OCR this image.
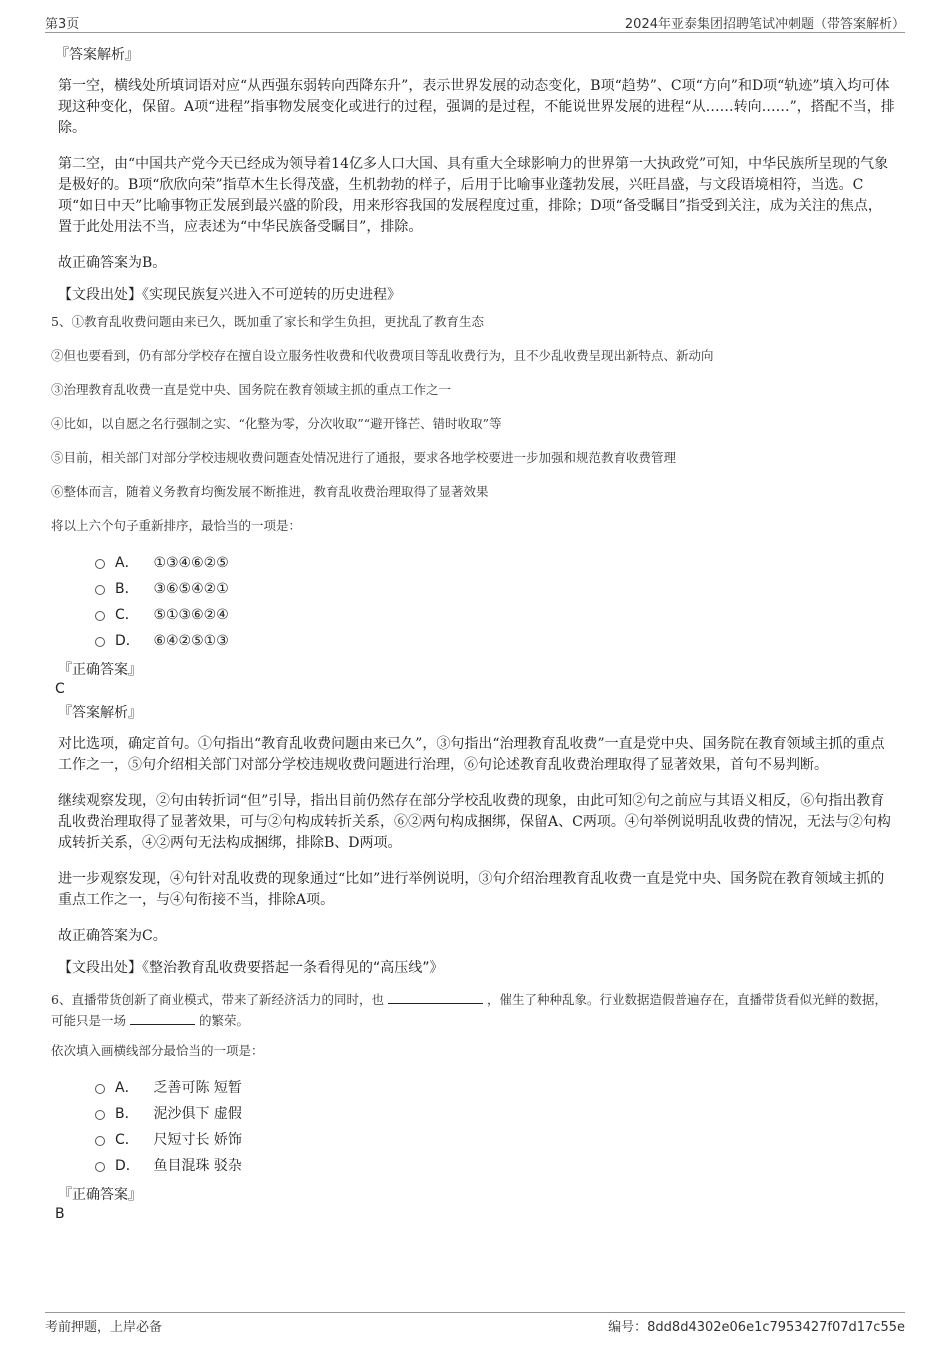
第3页	2024年亚泰集团招聘笔试冲刺题（带答案解析）
『答案解析』

第一空，横线处所填词语对应“从西强东弱转向西降东升”，表示世界发展的动态变化，B项“趋势”、C项“方向”和D项“轨迹”填入均可体现这种变化，保留。A项“进程”指事物发展变化或进行的过程，强调的是过程，不能说世界发展的进程“从……转向……”，搭配不当，排除。

第二空，由“中国共产党今天已经成为领导着14亿多人口大国、具有重大全球影响力的世界第一大执政党”可知，中华民族所呈现的气象是极好的。B项“欣欣向荣”指草木生长得茂盛，生机勃勃的样子，后用于比喻事业蓬勃发展，兴旺昌盛，与文段语境相符，当选。C项“如日中天”比喻事物正发展到最兴盛的阶段，用来形容我国的发展程度过重，排除；D项“备受瞩目”指受到关注，成为关注的焦点，置于此处用法不当，应表述为“中华民族备受瞩目”，排除。

故正确答案为B。

【文段出处】《实现民族复兴进入不可逆转的历史进程》
5、①教育乱收费问题由来已久，既加重了家长和学生负担，更扰乱了教育生态
②但也要看到，仍有部分学校存在擅自设立服务性收费和代收费项目等乱收费行为，且不少乱收费呈现出新特点、新动向
③治理教育乱收费一直是党中央、国务院在教育领域主抓的重点工作之一
④比如，以自愿之名行强制之实、“化整为零，分次收取”“避开锋芒、错时收取”等
⑤目前，相关部门对部分学校违规收费问题查处情况进行了通报，要求各地学校要进一步加强和规范教育收费管理
⑥整体而言，随着义务教育均衡发展不断推进，教育乱收费治理取得了显著效果
将以上六个句子重新排序，最恰当的一项是：
A． ①③④⑥②⑤
B． ③⑥⑤④②①
C． ⑤①③⑥②④
D． ⑥④②⑤①③
『正确答案』
C
『答案解析』

对比选项，确定首句。①句指出“教育乱收费问题由来已久”，③句指出“治理教育乱收费”一直是党中央、国务院在教育领域主抓的重点工作之一，⑤句介绍相关部门对部分学校违规收费问题进行治理，⑥句论述教育乱收费治理取得了显著效果，首句不易判断。

继续观察发现，②句由转折词“但”引导，指出目前仍然存在部分学校乱收费的现象，由此可知②句之前应与其语义相反，⑥句指出教育乱收费治理取得了显著效果，可与②句构成转折关系，⑥②两句构成捆绑，保留A、C两项。④句举例说明乱收费的情况，无法与②句构成转折关系，④②两句无法构成捆绑，排除B、D两项。

进一步观察发现，④句针对乱收费的现象通过“比如”进行举例说明，③句介绍治理教育乱收费一直是党中央、国务院在教育领域主抓的重点工作之一，与④句衔接不当，排除A项。

故正确答案为C。

【文段出处】《整治教育乱收费要搭起一条看得见的“高压线”》
6、直播带货创新了商业模式，带来了新经济活力的同时，也	，催生了种种乱象。行业数据造假普遍存在，直播带货看似光鲜的数据，可能只是一场	的繁荣。
依次填入画横线部分最恰当的一项是：
A． 乏善可陈 短暂
B． 泥沙俱下 虚假
C． 尺短寸长 娇饰
D． 鱼目混珠 驳杂
『正确答案』
B
考前押题，上岸必备	编号：8dd8d4302e06e1c7953427f07d17c55e
